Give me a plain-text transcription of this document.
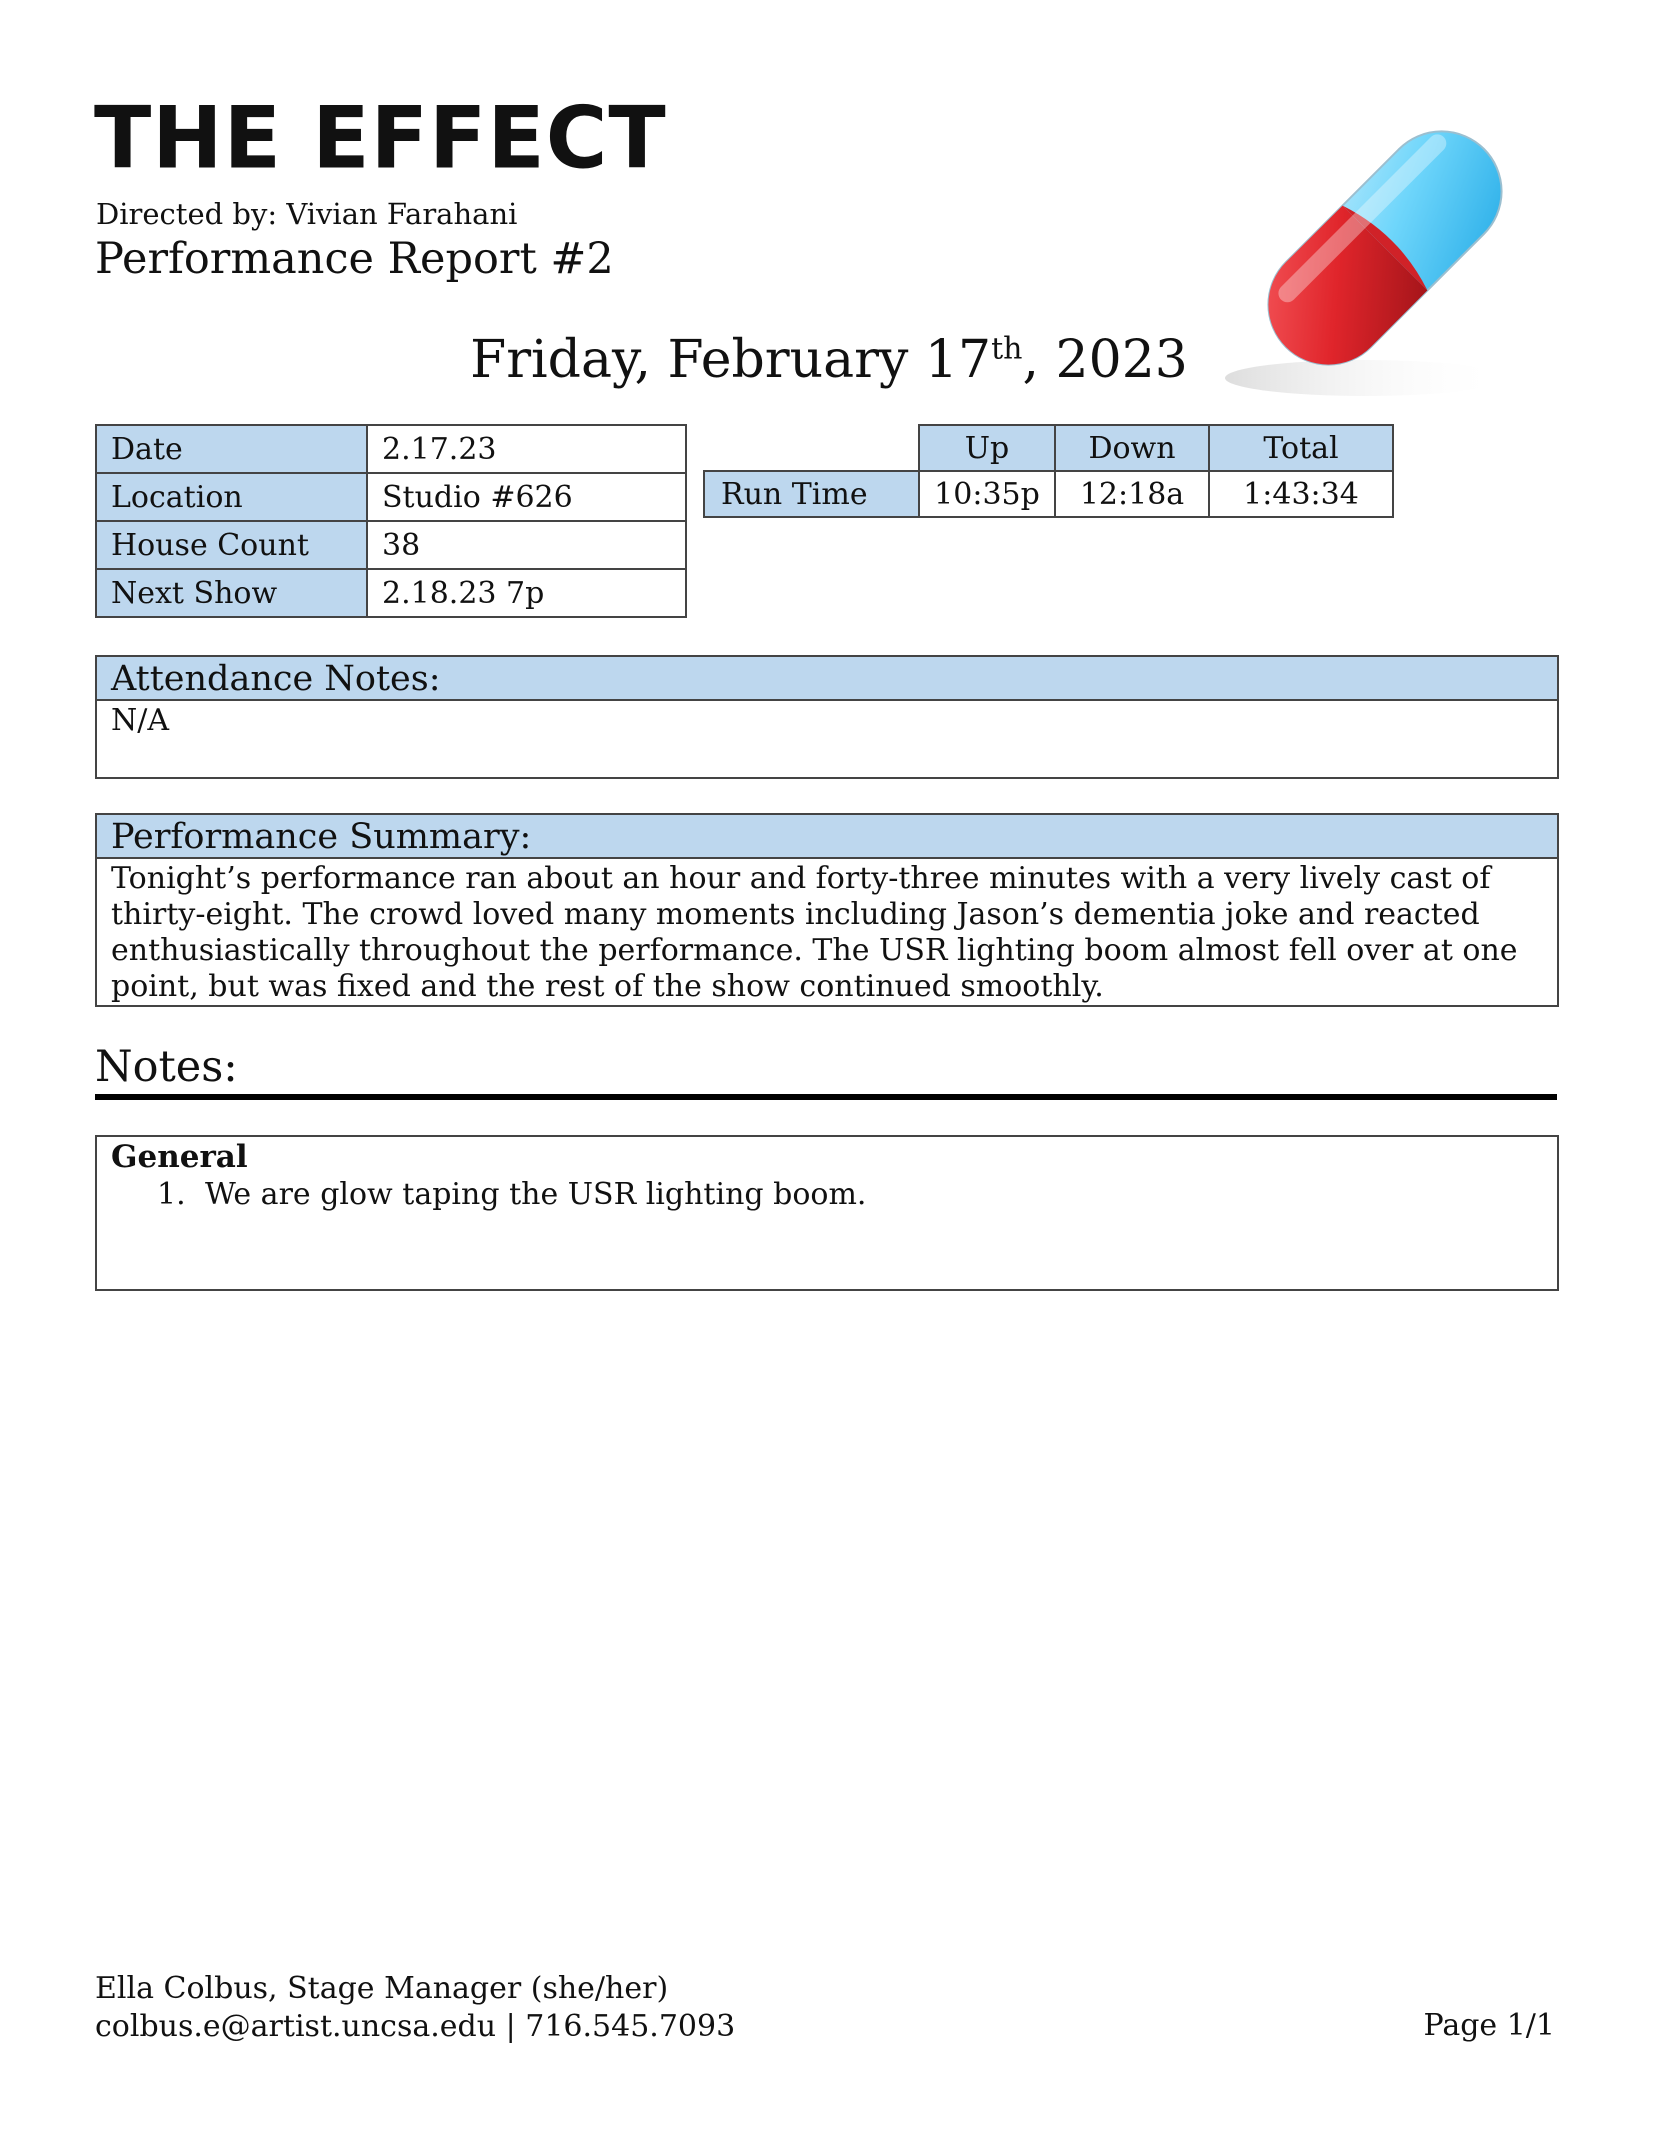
THE EFFECT
Directed by: Vivian Farahani
Performance Report #2
Friday, February 17th, 2023
Date	2.17.23
Location	Studio #626
House Count	38
Next Show	2.18.23 7p
	Up	Down	Total
Run Time	10:35p	12:18a	1:43:34
Attendance Notes:
N/A
Performance Summary:
Tonight’s performance ran about an hour and forty-three minutes with a very lively cast of thirty-eight. The crowd loved many moments including Jason’s dementia joke and reacted enthusiastically throughout the performance. The USR lighting boom almost fell over at one point, but was fixed and the rest of the show continued smoothly.
Notes:
General
1. We are glow taping the USR lighting boom.
Ella Colbus, Stage Manager (she/her)
colbus.e@artist.uncsa.edu | 716.545.7093	Page 1/1
